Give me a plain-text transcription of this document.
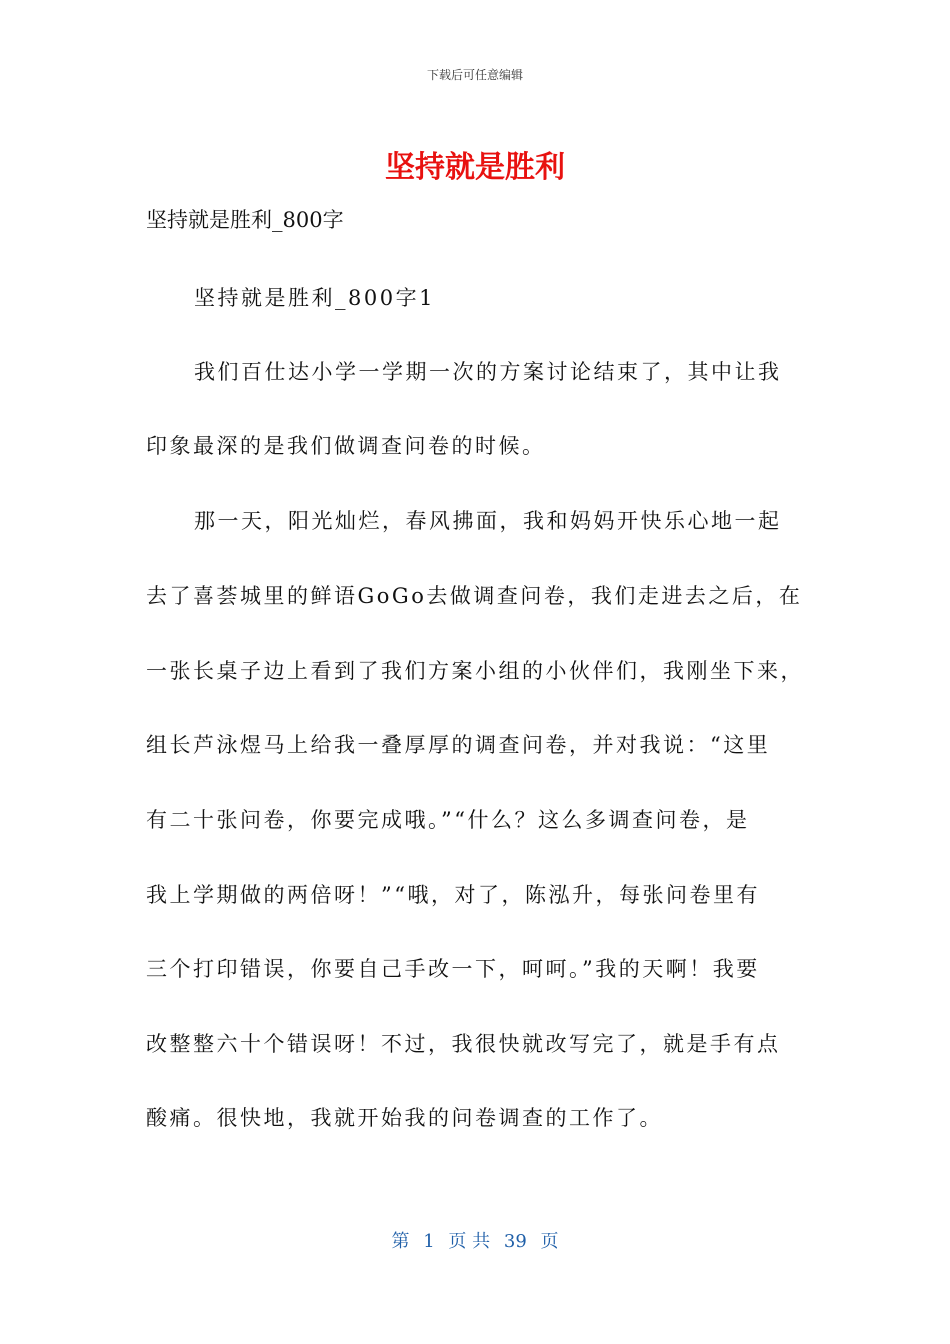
下载后可任意编辑
坚持就是胜利
坚持就是胜利_800字
坚持就是胜利_800字1
我们百仕达小学一学期一次的方案讨论结束了，其中让我
印象最深的是我们做调查问卷的时候。
那一天，阳光灿烂，春风拂面，我和妈妈开快乐心地一起
去了喜荟城里的鲜语GoGo去做调查问卷，我们走进去之后，在
一张长桌子边上看到了我们方案小组的小伙伴们，我刚坐下来，
组长芦泳煜马上给我一叠厚厚的调查问卷，并对我说：“这里
有二十张问卷，你要完成哦。”“什么？这么多调查问卷，是
我上学期做的两倍呀！”“哦，对了，陈泓升，每张问卷里有
三个打印错误，你要自己手改一下，呵呵。”我的天啊！我要
改整整六十个错误呀！不过，我很快就改写完了，就是手有点
酸痛。很快地，我就开始我的问卷调查的工作了。
第 1 页 共 39 页
